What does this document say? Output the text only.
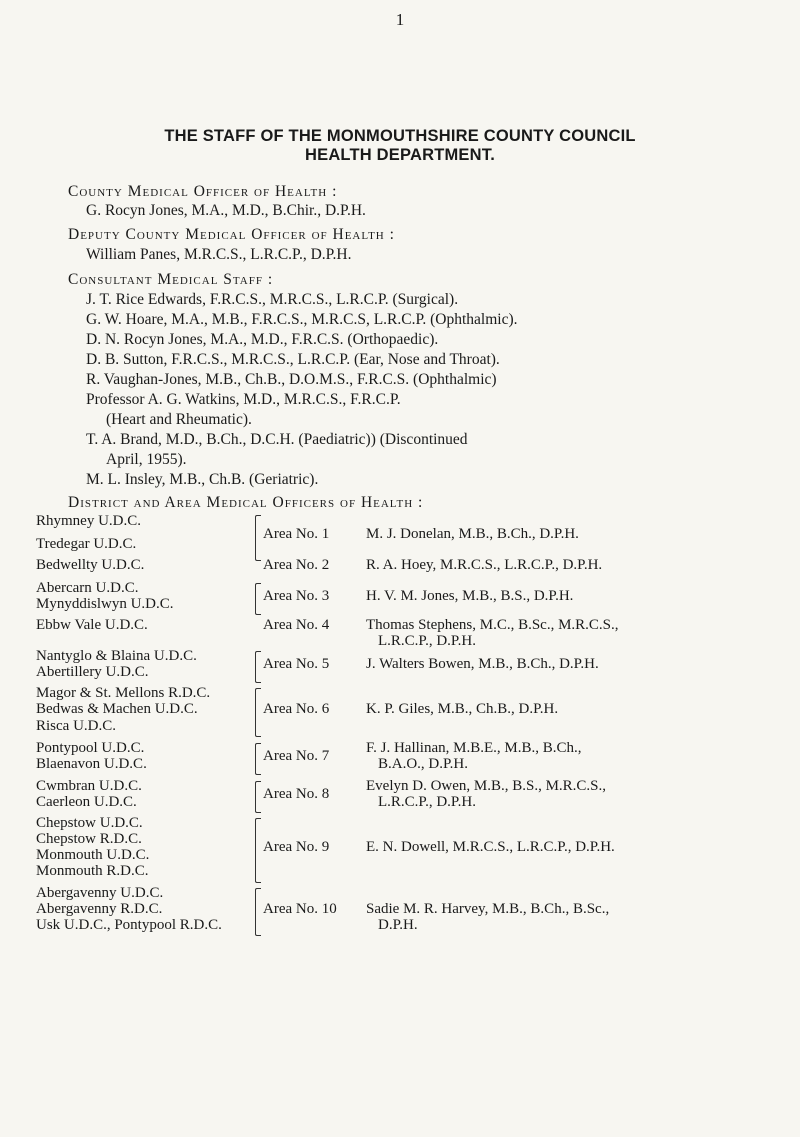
1
THE STAFF OF THE MONMOUTHSHIRE COUNTY COUNCIL
HEALTH DEPARTMENT.
County Medical Officer of Health :
G. Rocyn Jones, M.A., M.D., B.Chir., D.P.H.
Deputy County Medical Officer of Health :
William Panes, M.R.C.S., L.R.C.P., D.P.H.
Consultant Medical Staff :
J. T. Rice Edwards, F.R.C.S., M.R.C.S., L.R.C.P. (Surgical).
G. W. Hoare, M.A., M.B., F.R.C.S., M.R.C.S, L.R.C.P. (Ophthalmic).
D. N. Rocyn Jones, M.A., M.D., F.R.C.S. (Orthopaedic).
D. B. Sutton, F.R.C.S., M.R.C.S., L.R.C.P. (Ear, Nose and Throat).
R. Vaughan-Jones, M.B., Ch.B., D.O.M.S., F.R.C.S. (Ophthalmic)
Professor A. G. Watkins, M.D., M.R.C.S., F.R.C.P.
(Heart and Rheumatic).
T. A. Brand, M.D., B.Ch., D.C.H. (Paediatric)) (Discontinued
April, 1955).
M. L. Insley, M.B., Ch.B. (Geriatric).
District and Area Medical Officers of Health :
Rhymney U.D.C.
Tredegar U.D.C.
Bedwellty U.D.C.
Abercarn U.D.C.
Mynyddislwyn U.D.C.
Ebbw Vale U.D.C.
Nantyglo & Blaina U.D.C.
Abertillery U.D.C.
Magor & St. Mellons R.D.C.
Bedwas & Machen U.D.C.
Risca U.D.C.
Pontypool U.D.C.
Blaenavon U.D.C.
Cwmbran U.D.C.
Caerleon U.D.C.
Chepstow U.D.C.
Chepstow R.D.C.
Monmouth U.D.C.
Monmouth R.D.C.
Abergavenny U.D.C.
Abergavenny R.D.C.
Usk U.D.C., Pontypool R.D.C.
Area No. 1
Area No. 2
Area No. 3
Area No. 4
Area No. 5
Area No. 6
Area No. 7
Area No. 8
Area No. 9
Area No. 10
M. J. Donelan, M.B., B.Ch., D.P.H.
R. A. Hoey, M.R.C.S., L.R.C.P., D.P.H.
H. V. M. Jones, M.B., B.S., D.P.H.
Thomas Stephens, M.C., B.Sc., M.R.C.S.,
L.R.C.P., D.P.H.
J. Walters Bowen, M.B., B.Ch., D.P.H.
K. P. Giles, M.B., Ch.B., D.P.H.
F. J. Hallinan, M.B.E., M.B., B.Ch.,
B.A.O., D.P.H.
Evelyn D. Owen, M.B., B.S., M.R.C.S.,
L.R.C.P., D.P.H.
E. N. Dowell, M.R.C.S., L.R.C.P., D.P.H.
Sadie M. R. Harvey, M.B., B.Ch., B.Sc.,
D.P.H.
